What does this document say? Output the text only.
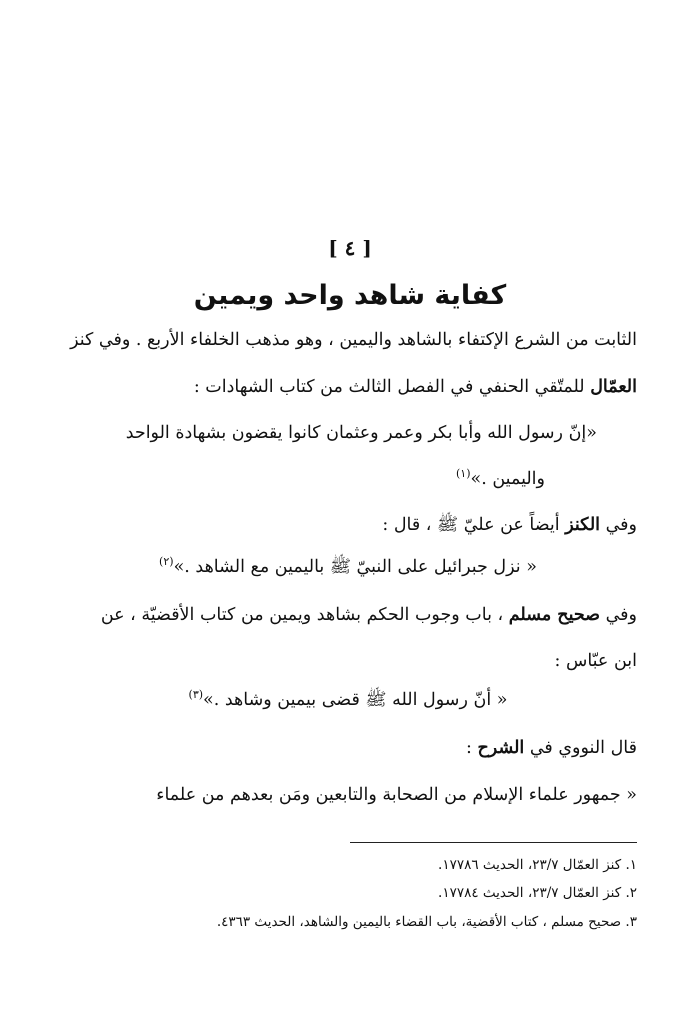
[ ٤ ]
كفاية شاهد واحد ويمين
الثابت من الشرع الإكتفاء بالشاهد واليمين ، وهو مذهب الخلفاء الأربع . وفي كنز
العمّال للمتّقي الحنفي في الفصل الثالث من كتاب الشهادات :
«إنّ رسول الله وأبا بكر وعمر وعثمان كانوا يقضون بشهادة الواحد
واليمين .»$^{(١)}$
وفي الكنز أيضاً عن عليّ ﷺ ، قال :
« نزل جبرائيل على النبيّ ﷺ باليمين مع الشاهد .»$^{(٢)}$
وفي صحيح مسلم ، باب وجوب الحكم بشاهد ويمين من كتاب الأقضيّة ، عن
ابن عبّاس :
« أنّ رسول الله ﷺ قضى بيمين وشاهد .»$^{(٣)}$
قال النووي في الشرح :
« جمهور علماء الإسلام من الصحابة والتابعين ومَن بعدهم من علماء
١. كنز العمّال ٢٣/٧، الحديث ١٧٧٨٦.
٢. كنز العمّال ٢٣/٧، الحديث ١٧٧٨٤.
٣. صحيح مسلم ، كتاب الأقضية، باب القضاء باليمين والشاهد، الحديث ٤٣٦٣.
